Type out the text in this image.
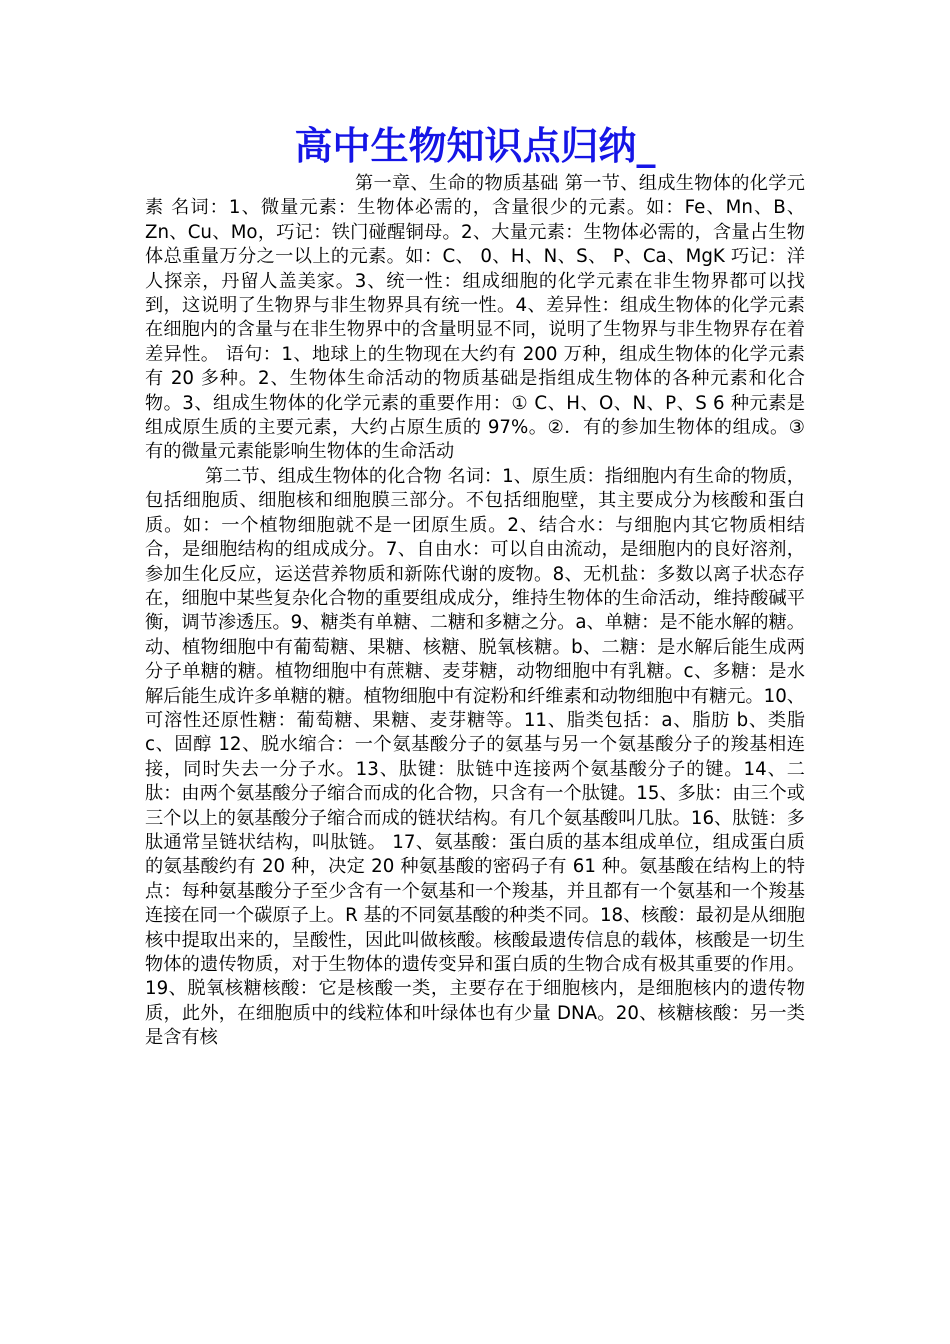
高中生物知识点归纳_

第一章、生命的物质基础 第一节、组成生物体的化学元素 名词：1、微量元素：生物体必需的，含量很少的元素。如：Fe、Mn、B、Zn、Cu、Mo，巧记：铁门碰醒铜母。2、大量元素：生物体必需的，含量占生物体总重量万分之一以上的元素。如：C、 0、H、N、S、 P、Ca、MgK 巧记：洋人探亲，丹留人盖美家。3、统一性：组成细胞的化学元素在非生物界都可以找到，这说明了生物界与非生物界具有统一性。4、差异性：组成生物体的化学元素在细胞内的含量与在非生物界中的含量明显不同，说明了生物界与非生物界存在着差异性。 语句：1、地球上的生物现在大约有 200 万种，组成生物体的化学元素有 20 多种。2、生物体生命活动的物质基础是指组成生物体的各种元素和化合物。3、组成生物体的化学元素的重要作用：① C、H、O、N、P、S 6 种元素是组成原生质的主要元素，大约占原生质的 97%。②．有的参加生物体的组成。③有的微量元素能影响生物体的生命活动

第二节、组成生物体的化合物 名词：1、原生质：指细胞内有生命的物质，包括细胞质、细胞核和细胞膜三部分。不包括细胞壁，其主要成分为核酸和蛋白质。如：一个植物细胞就不是一团原生质。2、结合水：与细胞内其它物质相结合，是细胞结构的组成成分。7、自由水：可以自由流动，是细胞内的良好溶剂，参加生化反应，运送营养物质和新陈代谢的废物。8、无机盐：多数以离子状态存在，细胞中某些复杂化合物的重要组成成分，维持生物体的生命活动，维持酸碱平衡，调节渗透压。9、糖类有单糖、二糖和多糖之分。a、单糖：是不能水解的糖。动、植物细胞中有葡萄糖、果糖、核糖、脱氧核糖。b、二糖：是水解后能生成两分子单糖的糖。植物细胞中有蔗糖、麦芽糖，动物细胞中有乳糖。c、多糖：是水解后能生成许多单糖的糖。植物细胞中有淀粉和纤维素和动物细胞中有糖元。10、可溶性还原性糖：葡萄糖、果糖、麦芽糖等。11、脂类包括：a、脂肪 b、类脂 c、固醇 12、脱水缩合：一个氨基酸分子的氨基与另一个氨基酸分子的羧基相连接，同时失去一分子水。13、肽键：肽链中连接两个氨基酸分子的键。14、二肽：由两个氨基酸分子缩合而成的化合物，只含有一个肽键。15、多肽：由三个或三个以上的氨基酸分子缩合而成的链状结构。有几个氨基酸叫几肽。16、肽链：多肽通常呈链状结构，叫肽链。 17、氨基酸：蛋白质的基本组成单位，组成蛋白质的氨基酸约有 20 种，决定 20 种氨基酸的密码子有 61 种。氨基酸在结构上的特点：每种氨基酸分子至少含有一个氨基和一个羧基，并且都有一个氨基和一个羧基连接在同一个碳原子上。R 基的不同氨基酸的种类不同。18、核酸：最初是从细胞核中提取出来的，呈酸性，因此叫做核酸。核酸最遗传信息的载体，核酸是一切生物体的遗传物质，对于生物体的遗传变异和蛋白质的生物合成有极其重要的作用。19、脱氧核糖核酸：它是核酸一类，主要存在于细胞核内，是细胞核内的遗传物质，此外，在细胞质中的线粒体和叶绿体也有少量 DNA。20、核糖核酸：另一类是含有核
